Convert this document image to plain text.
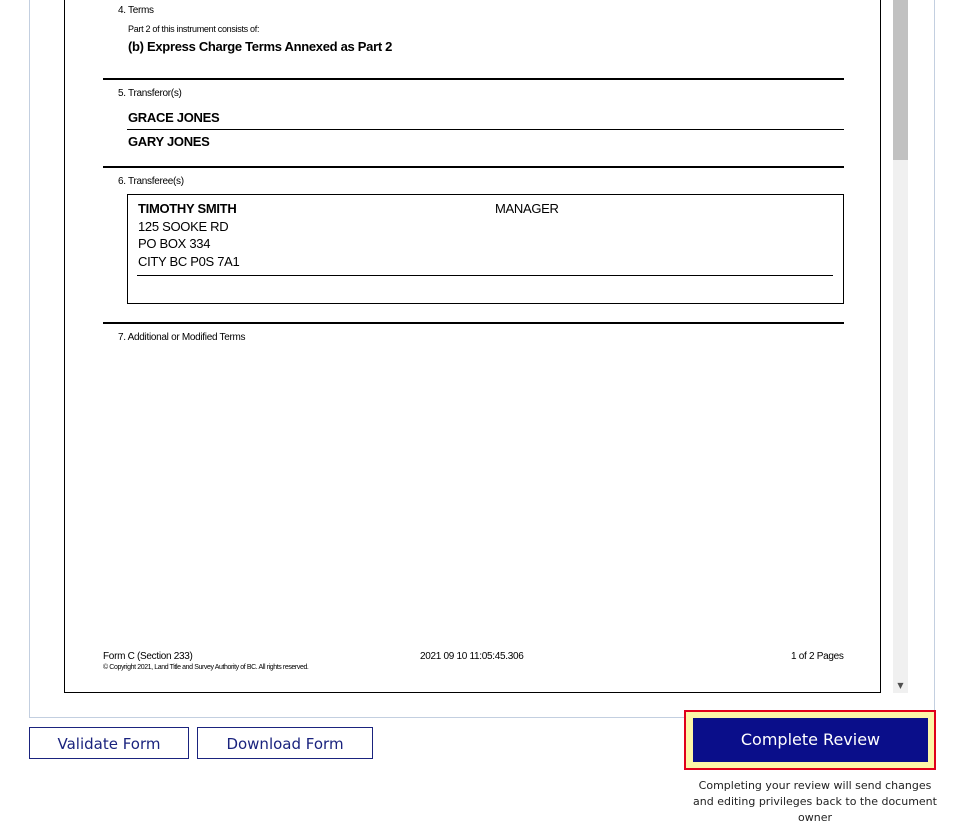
▼
4. Terms
Part 2 of this instrument consists of:
(b) Express Charge Terms Annexed as Part 2
5. Transferor(s)
GRACE JONES
GARY JONES
6. Transferee(s)
TIMOTHY SMITH	MANAGER
125 SOOKE RD
PO BOX 334
CITY BC P0S 7A1
7. Additional or Modified Terms
Form C (Section 233)
© Copyright 2021, Land Title and Survey Authority of BC. All rights reserved.
2021 09 10 11:05:45.306	1 of 2 Pages
Validate Form	Download Form	Complete Review
Completing your review will send changes and editing privileges back to the document owner
